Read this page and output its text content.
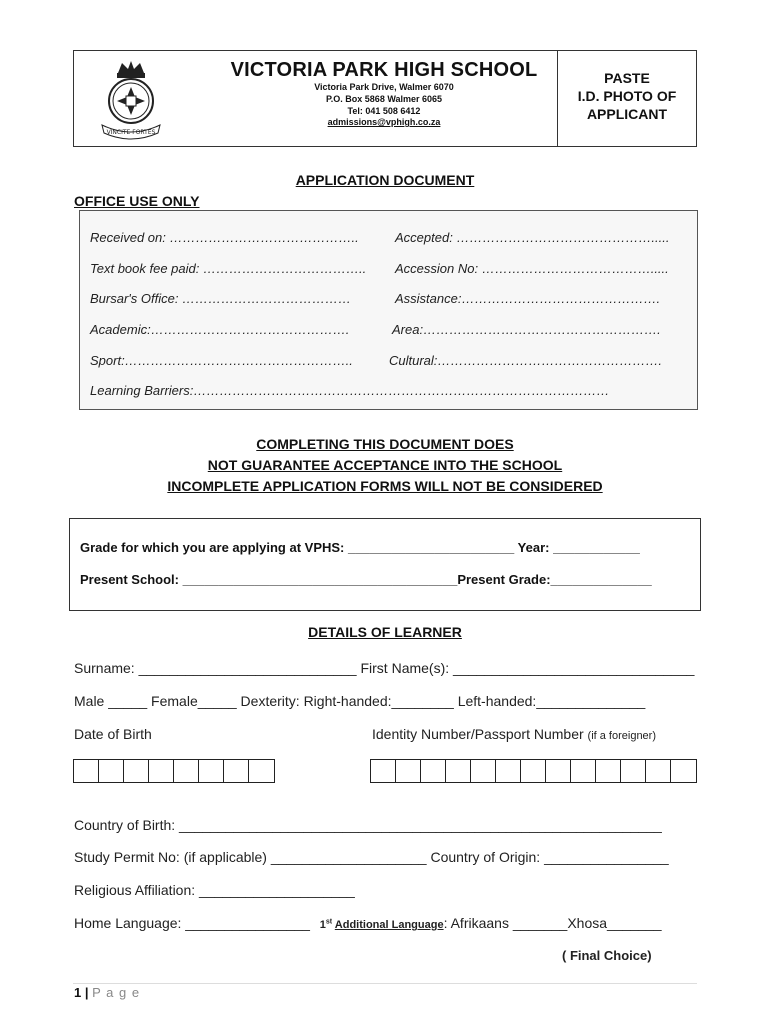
VINCITE FORTES
VICTORIA PARK HIGH SCHOOL
Victoria Park Drive, Walmer 6070
P.O. Box 5868 Walmer 6065
Tel: 041 508 6412
admissions@vphigh.co.za
PASTE
I.D. PHOTO OF
APPLICANT
APPLICATION DOCUMENT
OFFICE USE ONLY
Received on: ……………………………………..	Accepted: ……………………………………….....
Text book fee paid: ……………………………….. Accession No: ………………………………….....
Bursar's Office: …………………………………	Assistance:……………………………………….
Academic:……………………………………….	Area:……………………………………………….
Sport:……………………………………………..	Cultural:…………………………………………….
Learning Barriers:……………………………………………………………………………………
COMPLETING THIS DOCUMENT DOES
NOT GUARANTEE ACCEPTANCE INTO THE SCHOOL
INCOMPLETE APPLICATION FORMS WILL NOT BE CONSIDERED
Grade for which you are applying at VPHS: _______________________ Year: ____________
Present School: ______________________________________Present Grade:______________
DETAILS OF LEARNER
Surname: ____________________________ First Name(s): _______________________________
Male _____ Female_____ Dexterity: Right-handed:________ Left-handed:______________
Date of Birth	Identity Number/Passport Number (if a foreigner)
Country of Birth: ______________________________________________________________
Study Permit No: (if applicable) ____________________ Country of Origin: ________________
Religious Affiliation: ____________________
Home Language: ________________ 1st Additional Language: Afrikaans _______Xhosa_______
( Final Choice)
1 | P a g e
